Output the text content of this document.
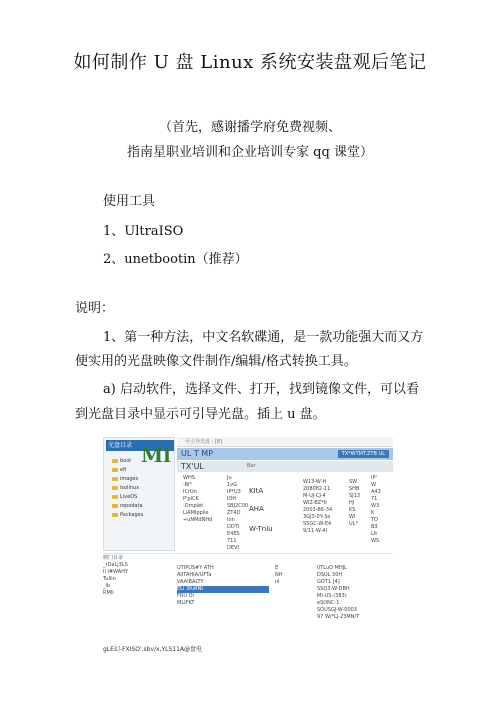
如何制作 U 盘 Linux 系统安装盘观后笔记
（首先，感谢播学府免费视频、
指南星职业培训和企业培训专家 qq 课堂）
使用工具
1、UltraISO
2、unetbootin（推荐）
说明：
1、第一种方法，中文名软碟通，是一款功能强大而又方
便实用的光盘映像文件制作/编辑/格式转换工具。
a) 启动软件，选择文件、打开，找到镜像文件，可以看
到光盘目录中显示可引导光盘。插上 u 盘。
光盘目录
boot
efi
images
isolinux
LiveOS
repodata
Packages
Ml
可引导光盘 - [8]
UL T MP	TX*WTMT.ZTB UL
TX'UL	Bar
WHS
-Bl*
ICrUn
P'piCK
-Dmplet
LiAMIppile
+uNMdNHd
Ju
1vG
IP*U3
IOH
SBJ2C00
ZT4D
Inn
DDTI
E4ES
711
DEVI
KItA
AHA
W-Tnlu
W13-W-H
208082-11
M-UJ-CJ-4
WIZ-BZ*II
2003-B6-34
3GJ3-0Y-3a
S5GC-W-E4
9/11-W-4I
SW
SHB
SJ13
HJ
KS
WI
UL*
IP'
W
A43
71
W3
K
TO
B3
LIt
WS
树门目录
_rDaLj3LS
Il l#WAHY
Tullin
_lb
RMIi
UTIPUS#Y ATH
AlITAHIA/UFTa
VAAIBALTY
ELI 3fuRNI
FRU Ol
MLIFKT
E
NH
nl
0TLuO MHJL
DSUL 30H
GOT1 [4]
SSQ3-W-DBH
MI-US-(383)
eSONC-1
SOUSGJ-W-0003
97 W/*LJ-23MN/T
gLE幻-FXISO'.sbv/x,YLS11A@盘电
